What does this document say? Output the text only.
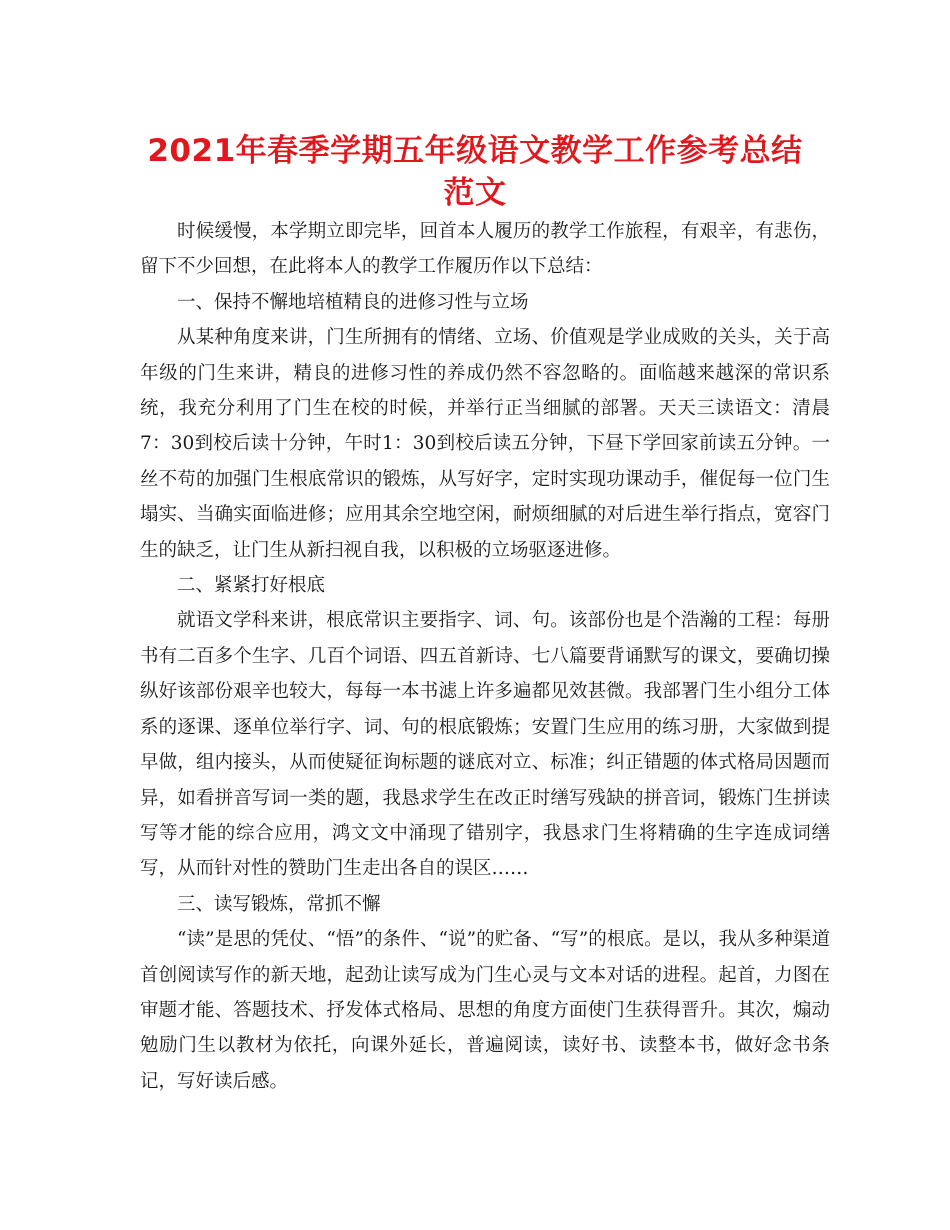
2021年春季学期五年级语文教学工作参考总结
范文

时候缓慢，本学期立即完毕，回首本人履历的教学工作旅程，有艰辛，有悲伤，留下不少回想，在此将本人的教学工作履历作以下总结：

一、保持不懈地培植精良的进修习性与立场

从某种角度来讲，门生所拥有的情绪、立场、价值观是学业成败的关头，关于高年级的门生来讲，精良的进修习性的养成仍然不容忽略的。面临越来越深的常识系统，我充分利用了门生在校的时候，并举行正当细腻的部署。天天三读语文：清晨7：30到校后读十分钟，午时1：30到校后读五分钟，下昼下学回家前读五分钟。一丝不苟的加强门生根底常识的锻炼，从写好字，定时实现功课动手，催促每一位门生塌实、当确实面临进修；应用其余空地空闲，耐烦细腻的对后进生举行指点，宽容门生的缺乏，让门生从新扫视自我，以积极的立场驱逐进修。

二、紧紧打好根底

就语文学科来讲，根底常识主要指字、词、句。该部份也是个浩瀚的工程：每册书有二百多个生字、几百个词语、四五首新诗、七八篇要背诵默写的课文，要确切操纵好该部份艰辛也较大，每每一本书滤上许多遍都见效甚微。我部署门生小组分工体系的逐课、逐单位举行字、词、句的根底锻炼；安置门生应用的练习册，大家做到提早做，组内接头，从而使疑征询标题的谜底对立、标准；纠正错题的体式格局因题而异，如看拼音写词一类的题，我恳求学生在改正时缮写残缺的拼音词，锻炼门生拼读写等才能的综合应用，鸿文文中涌现了错别字，我恳求门生将精确的生字连成词缮写，从而针对性的赞助门生走出各自的误区……

三、读写锻炼，常抓不懈

“读”是思的凭仗、“悟”的条件、“说”的贮备、“写”的根底。是以，我从多种渠道首创阅读写作的新天地，起劲让读写成为门生心灵与文本对话的进程。起首，力图在审题才能、答题技术、抒发体式格局、思想的角度方面使门生获得晋升。其次，煽动勉励门生以教材为依托，向课外延长，普遍阅读，读好书、读整本书，做好念书条记，写好读后感。
